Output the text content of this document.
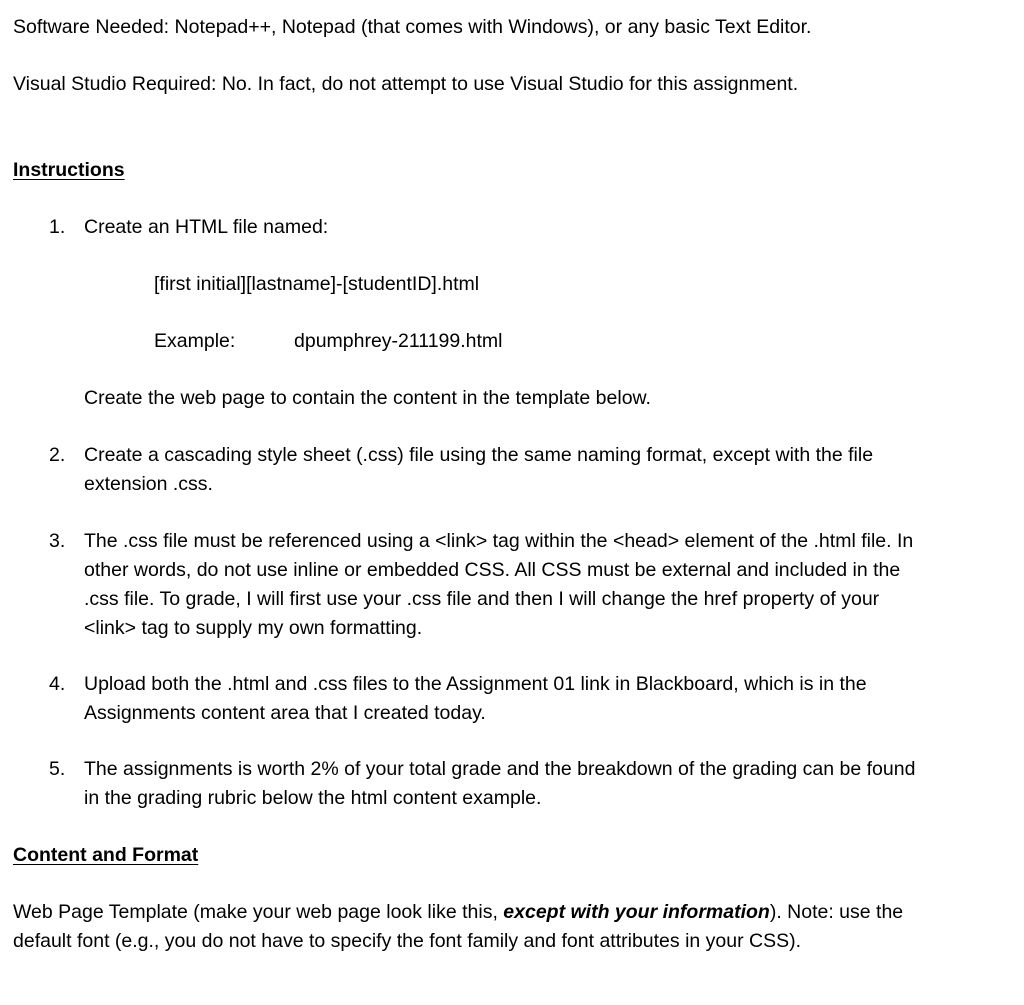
Software Needed: Notepad++, Notepad (that comes with Windows), or any basic Text Editor.
Visual Studio Required: No. In fact, do not attempt to use Visual Studio for this assignment.
Instructions
1. Create an HTML file named:
[first initial][lastname]-[studentID].html
Example:	dpumphrey-211199.html
Create the web page to contain the content in the template below.
2. Create a cascading style sheet (.css) file using the same naming format, except with the file extension .css.
3. The .css file must be referenced using a <link> tag within the <head> element of the .html file. In other words, do not use inline or embedded CSS. All CSS must be external and included in the .css file. To grade, I will first use your .css file and then I will change the href property of your <link> tag to supply my own formatting.
4. Upload both the .html and .css files to the Assignment 01 link in Blackboard, which is in the Assignments content area that I created today.
5. The assignments is worth 2% of your total grade and the breakdown of the grading can be found in the grading rubric below the html content example.
Content and Format
Web Page Template (make your web page look like this, except with your information). Note: use the default font (e.g., you do not have to specify the font family and font attributes in your CSS).
